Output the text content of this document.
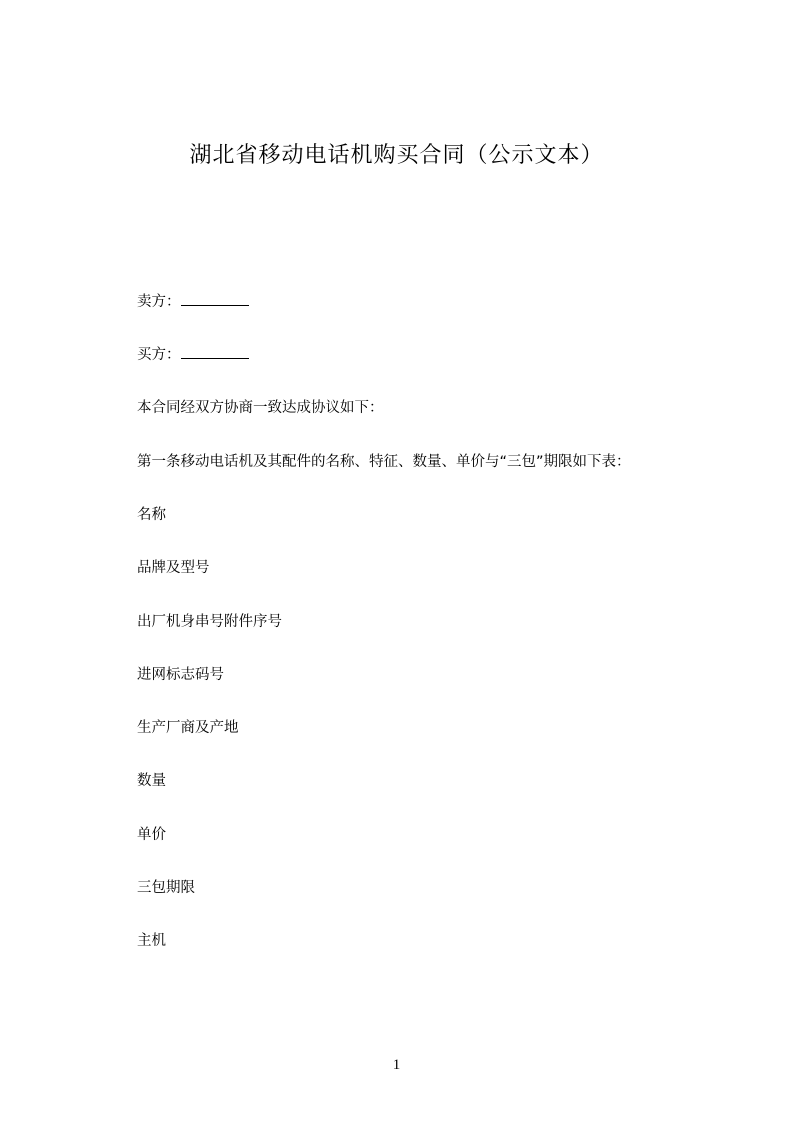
湖北省移动电话机购买合同（公示文本）
卖方：
买方：
本合同经双方协商一致达成协议如下：
第一条移动电话机及其配件的名称、特征、数量、单价与“三包”期限如下表：
名称
品牌及型号
出厂机身串号附件序号
进网标志码号
生产厂商及产地
数量
单价
三包期限
主机
1
